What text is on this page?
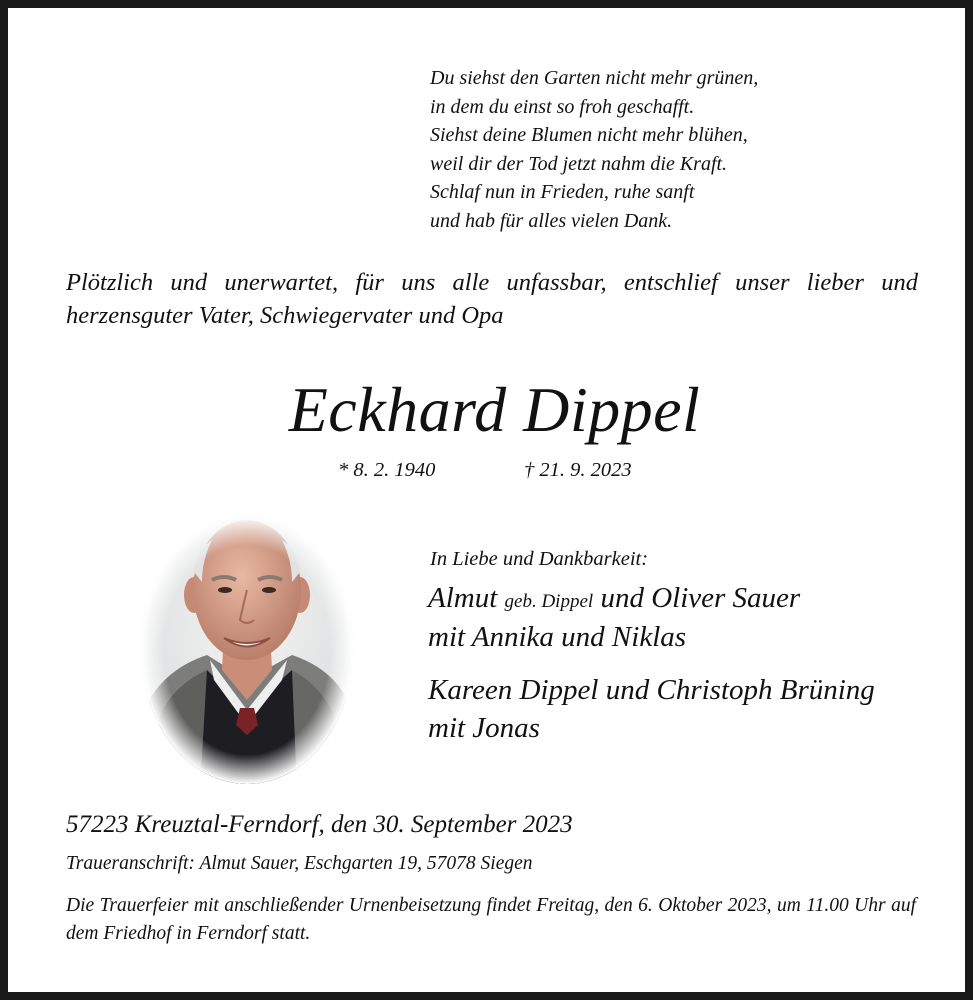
Du siehst den Garten nicht mehr grünen,
in dem du einst so froh geschafft.
Siehst deine Blumen nicht mehr blühen,
weil dir der Tod jetzt nahm die Kraft.
Schlaf nun in Frieden, ruhe sanft
und hab für alles vielen Dank.
Plötzlich und unerwartet, für uns alle unfassbar, entschlief unser lieber und herzensguter Vater, Schwiegervater und Opa
Eckhard Dippel
* 8. 2. 1940	† 21. 9. 2023
In Liebe und Dankbarkeit:
Almut geb. Dippel und Oliver Sauer
mit Annika und Niklas
Kareen Dippel und Christoph Brüning
mit Jonas
57223 Kreuztal-Ferndorf, den 30. September 2023
Traueranschrift: Almut Sauer, Eschgarten 19, 57078 Siegen
Die Trauerfeier mit anschließender Urnenbeisetzung findet Freitag, den 6. Oktober 2023, um 11.00 Uhr auf dem Friedhof in Ferndorf statt.
